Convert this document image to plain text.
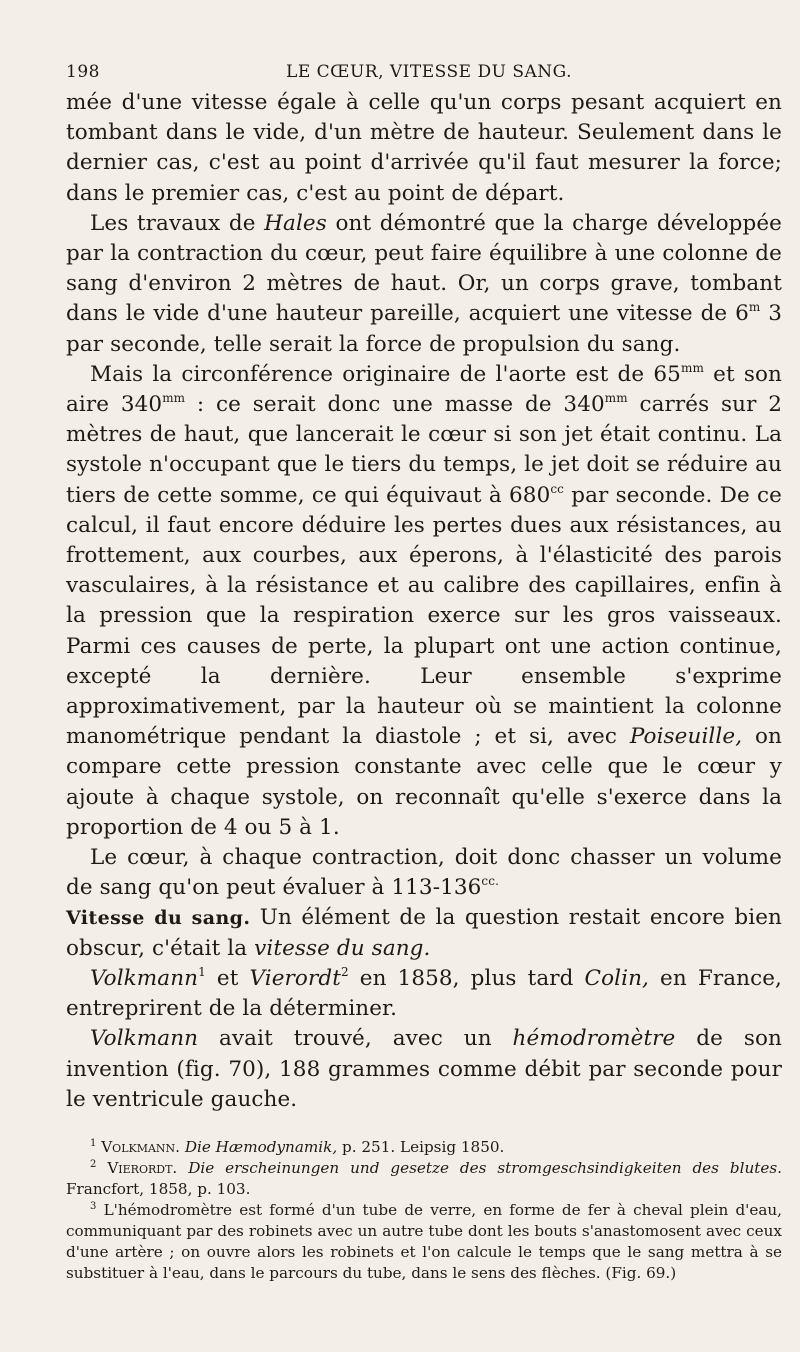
198	LE CŒUR, VITESSE DU SANG.

mée d'une vitesse égale à celle qu'un corps pesant acquiert en tombant dans le vide, d'un mètre de hauteur. Seulement dans le dernier cas, c'est au point d'arrivée qu'il faut mesurer la force; dans le premier cas, c'est au point de départ.

Les travaux de Hales ont démontré que la charge développée par la contraction du cœur, peut faire équilibre à une colonne de sang d'environ 2 mètres de haut. Or, un corps grave, tombant dans le vide d'une hauteur pareille, acquiert une vitesse de 6$^m$ 3 par seconde, telle serait la force de propulsion du sang.

Mais la circonférence originaire de l'aorte est de $65^{mm}$ et son aire $340^{mm}$ : ce serait donc une masse de $340^{mm}$ carrés sur 2 mètres de haut, que lancerait le cœur si son jet était continu. La systole n'occupant que le tiers du temps, le jet doit se réduire au tiers de cette somme, ce qui équivaut à $680^{cc}$ par seconde. De ce calcul, il faut encore déduire les pertes dues aux résistances, au frottement, aux courbes, aux éperons, à l'élasticité des parois vasculaires, à la résistance et au calibre des capillaires, enfin à la pression que la respiration exerce sur les gros vaisseaux. Parmi ces causes de perte, la plupart ont une action continue, excepté la dernière. Leur ensemble s'exprime approximativement, par la hauteur où se maintient la colonne manométrique pendant la diastole ; et si, avec Poiseuille, on compare cette pression constante avec celle que le cœur y ajoute à chaque systole, on reconnaît qu'elle s'exerce dans la proportion de 4 ou 5 à 1.

Le cœur, à chaque contraction, doit donc chasser un volume de sang qu'on peut évaluer à $113-136^{cc.}$

Vitesse du sang. Un élément de la question restait encore bien obscur, c'était la vitesse du sang.

Volkmann$^1$ et Vierordt$^2$ en 1858, plus tard Colin, en France, entreprirent de la déterminer.

Volkmann avait trouvé, avec un hémodromètre de son invention (fig. 70), 188 grammes comme débit par seconde pour le ventricule gauche.

$^1$ Volkmann. Die Hæmodynamik, p. 251. Leipsig 1850.

$^2$ Vierordt. Die erscheinungen und gesetze des stromgeschsindigkeiten des blutes. Francfort, 1858, p. 103.

$^3$ L'hémodromètre est formé d'un tube de verre, en forme de fer à cheval plein d'eau, communiquant par des robinets avec un autre tube dont les bouts s'anastomosent avec ceux d'une artère ; on ouvre alors les robinets et l'on calcule le temps que le sang mettra à se substituer à l'eau, dans le parcours du tube, dans le sens des flèches. (Fig. 69.)
